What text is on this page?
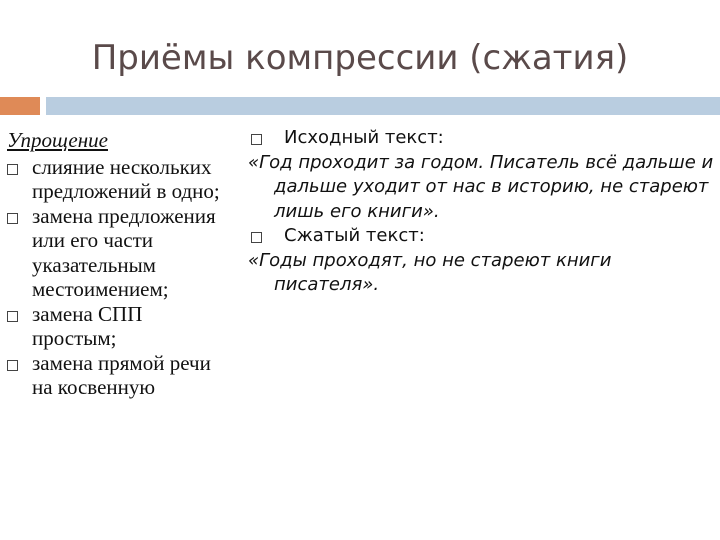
Приёмы компрессии (сжатия)
Упрощение
слияние нескольких предложений в одно;
замена предложения или его части указательным местоимением;
замена СПП простым;
замена прямой речи на косвенную
Исходный текст:
«Год проходит за годом. Писатель всё дальше и дальше уходит от нас в историю, не стареют лишь его книги».
Сжатый текст:
«Годы проходят, но не стареют книги писателя».
